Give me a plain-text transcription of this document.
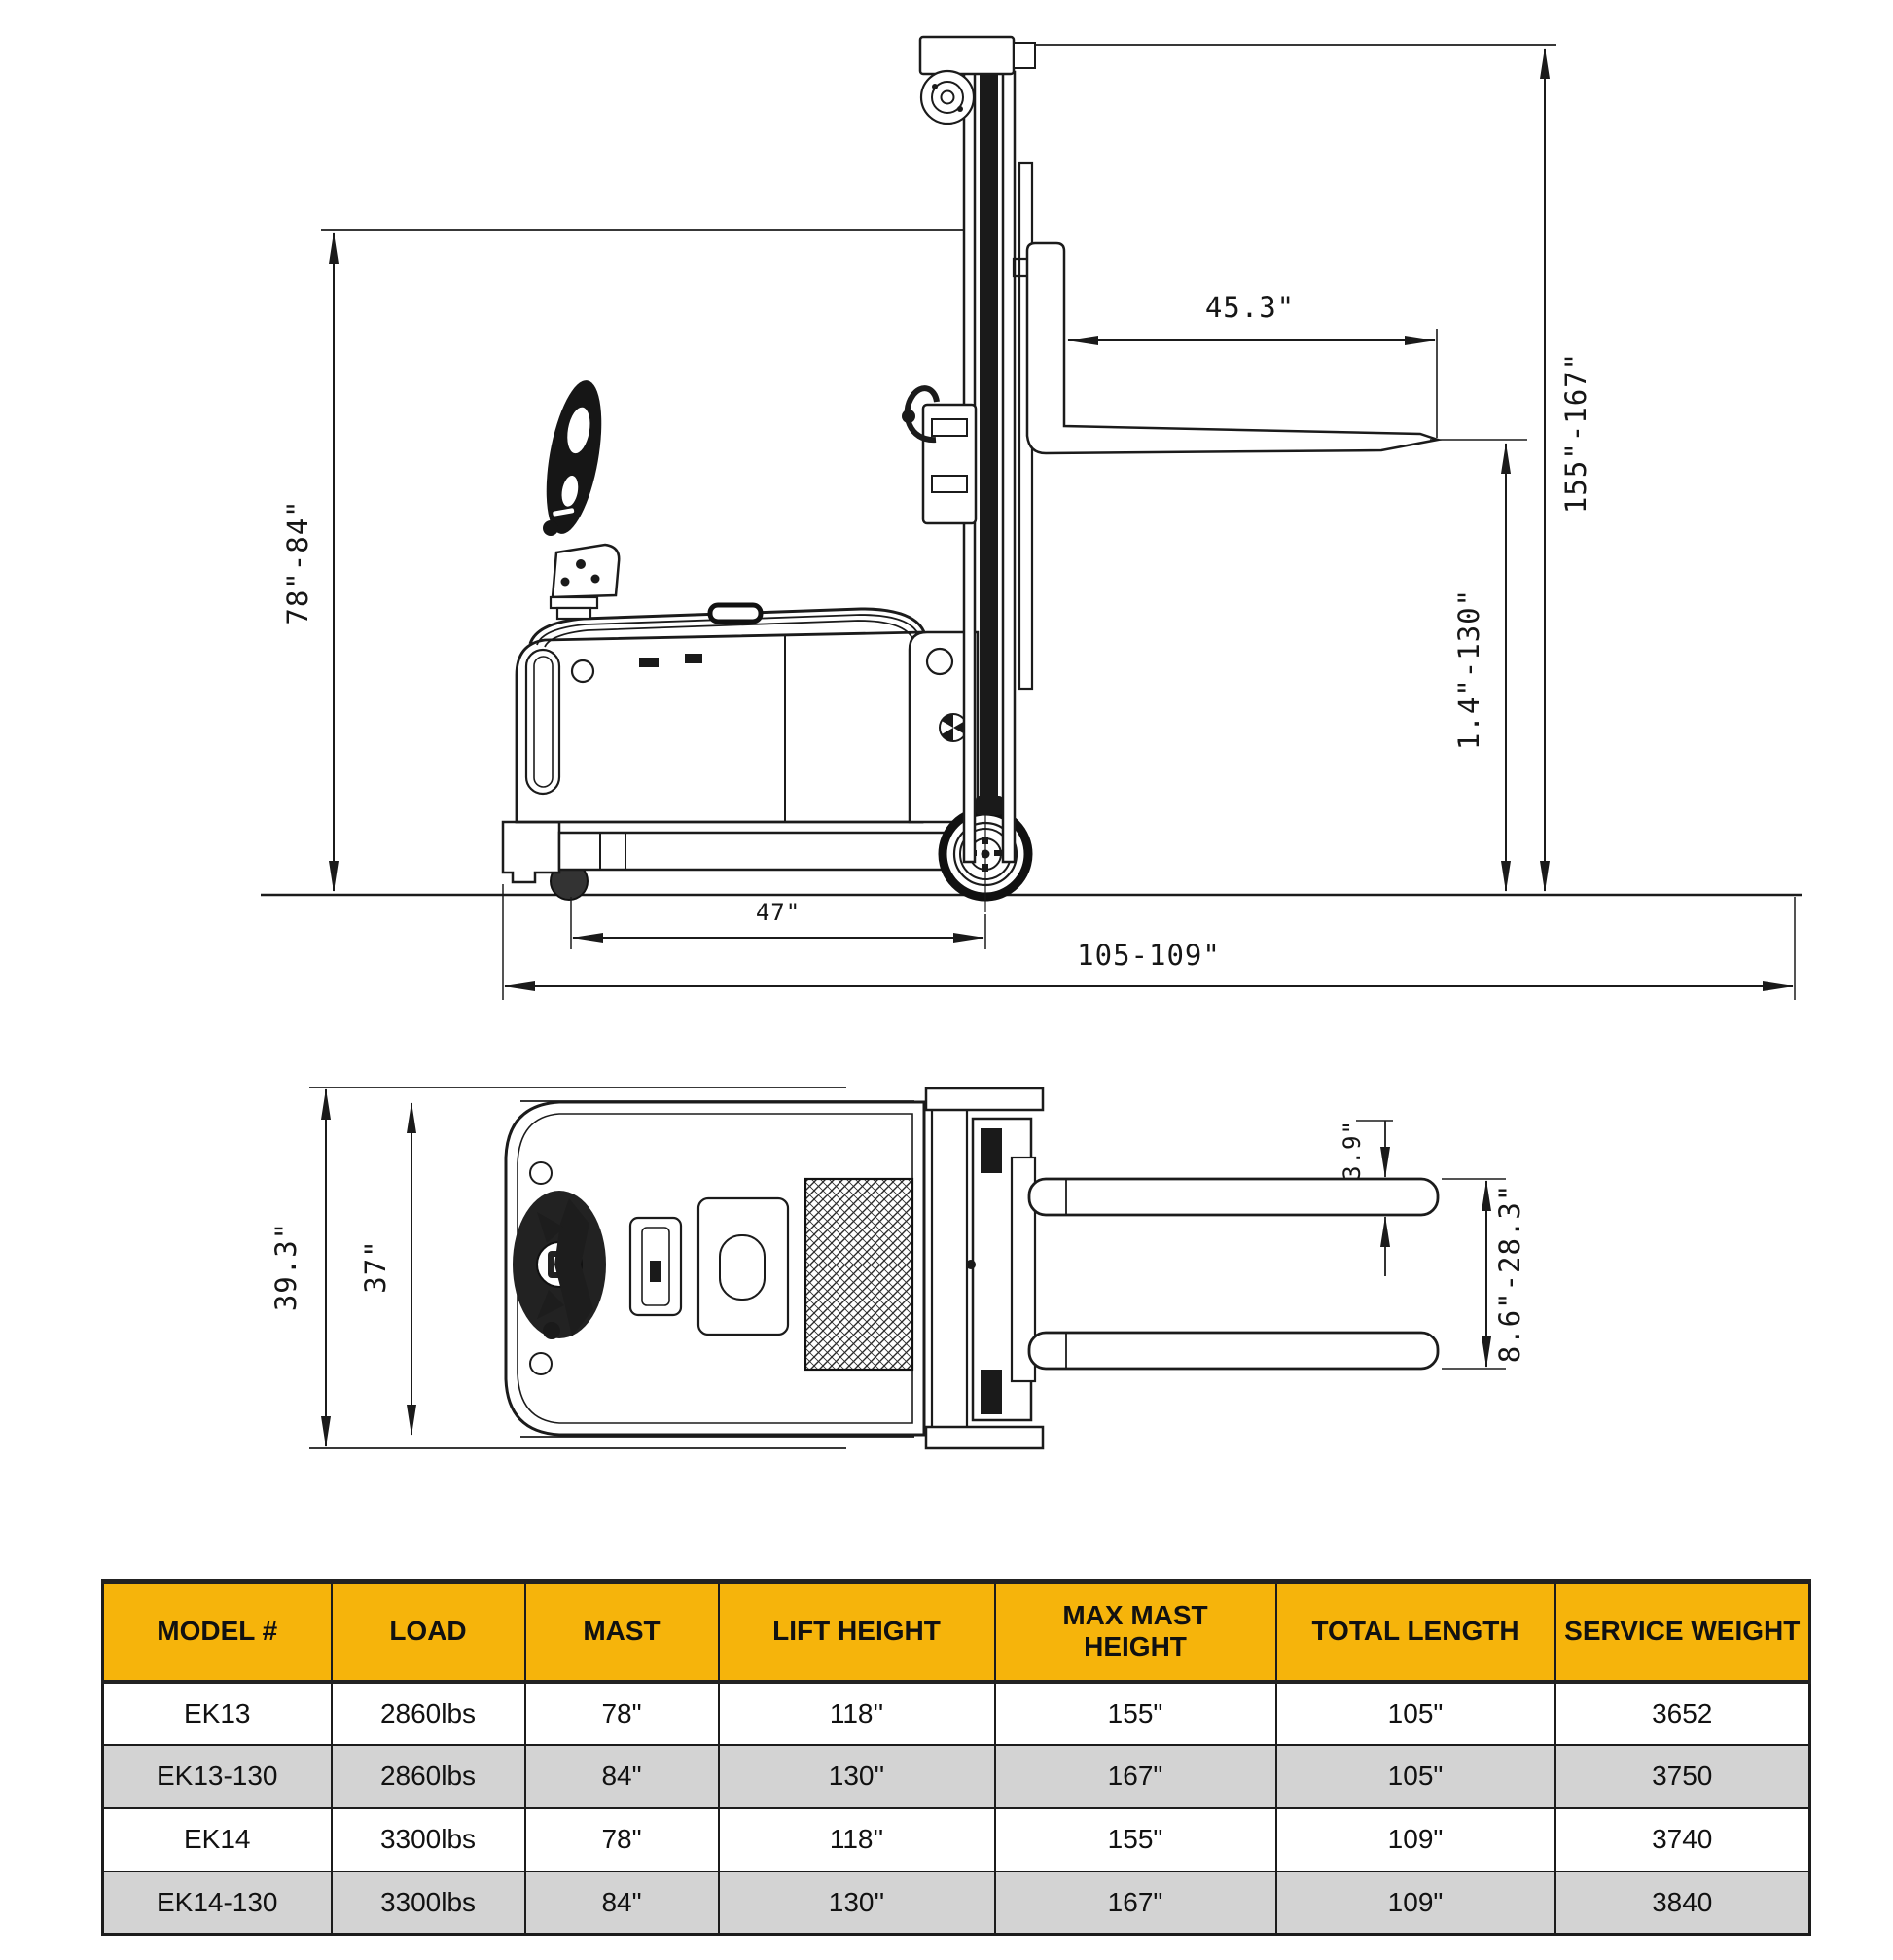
78"-84"
155"-167"
45.3"
1.4"-130"
47"
105-109"
39.3" 37"
3.9"
8.6"-28.3"
MODEL #	LOAD	MAST	LIFT HEIGHT	MAX MAST HEIGHT	TOTAL LENGTH	SERVICE WEIGHT
EK13	2860lbs	78"	118''	155"	105"	3652
EK13-130	2860lbs	84"	130''	167"	105"	3750
EK14	3300lbs	78"	118''	155"	109"	3740
EK14-130	3300lbs	84"	130''	167"	109"	3840
